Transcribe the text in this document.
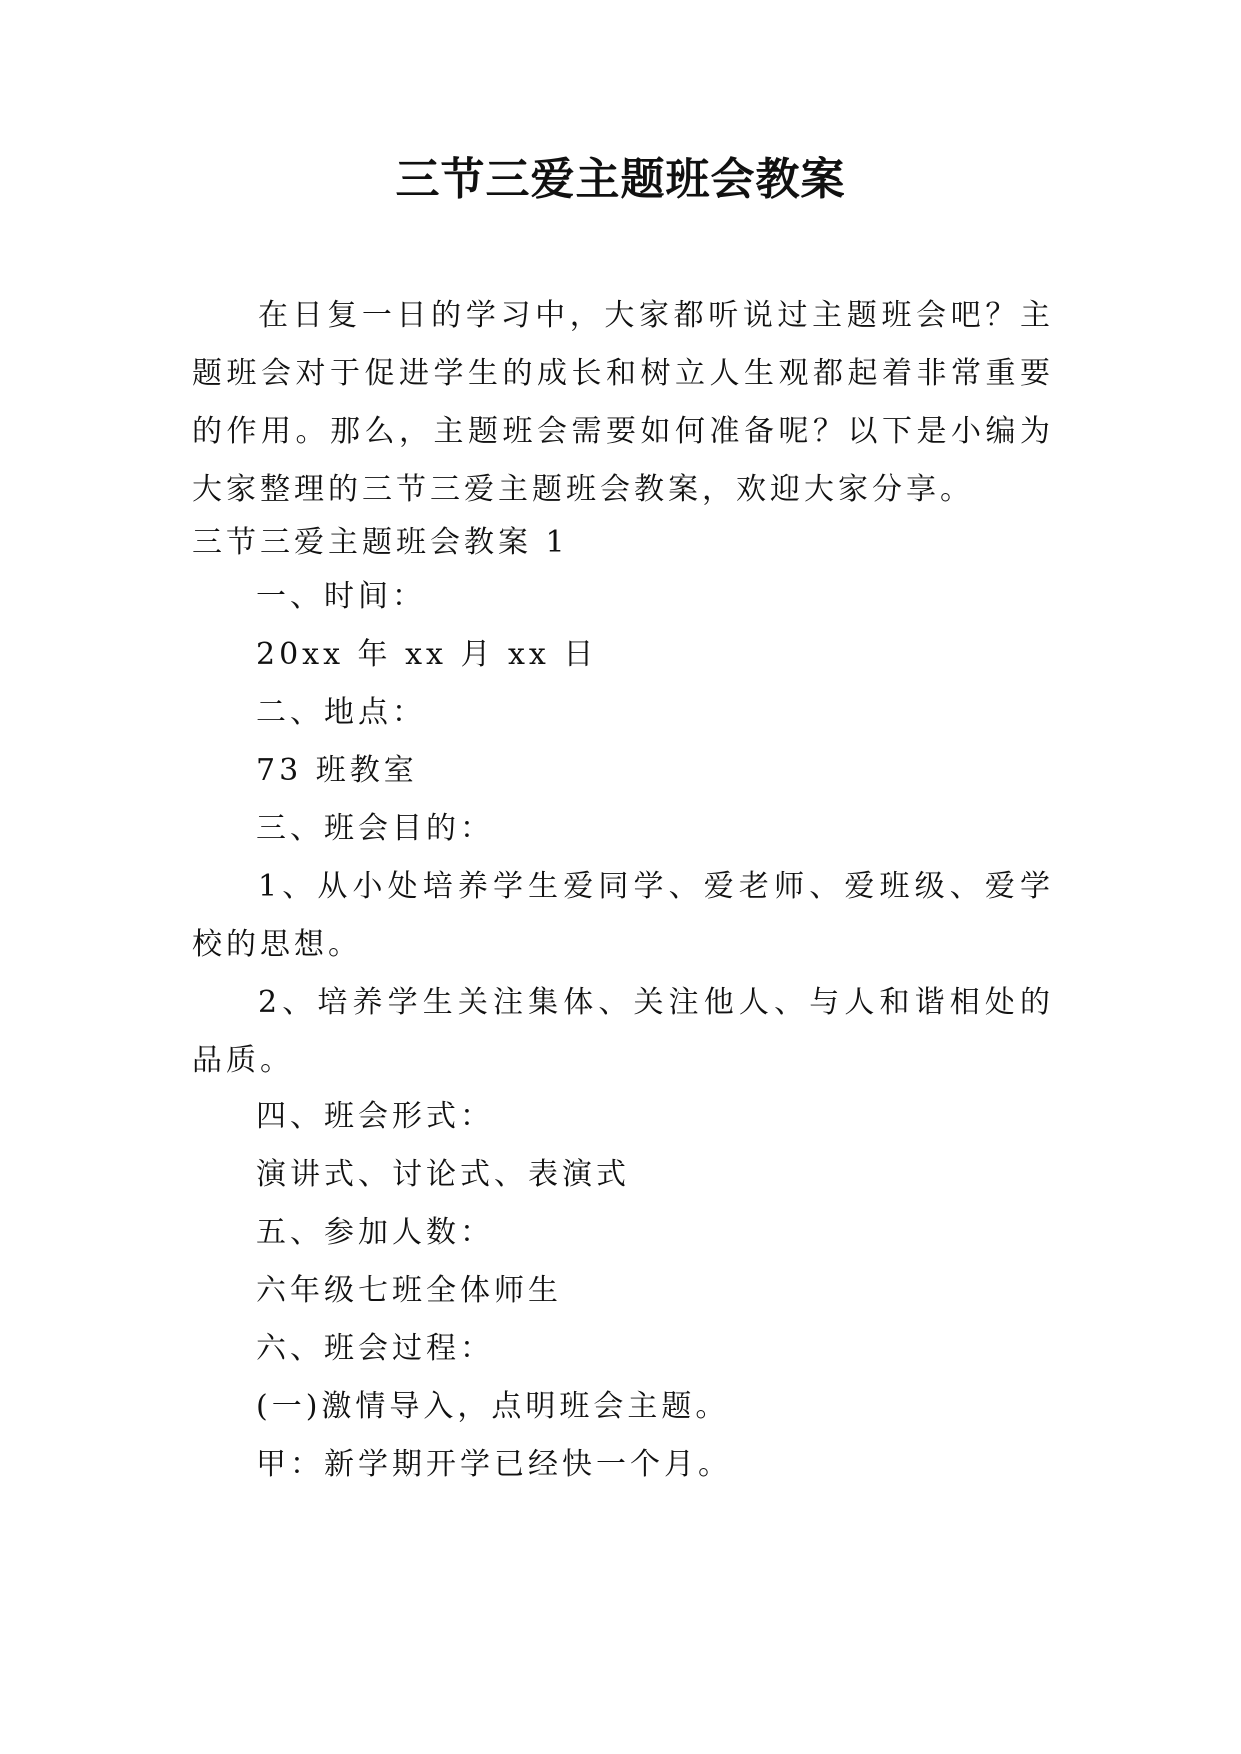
三节三爱主题班会教案

在日复一日的学习中，大家都听说过主题班会吧？主题班会对于促进学生的成长和树立人生观都起着非常重要的作用。那么，主题班会需要如何准备呢？以下是小编为大家整理的三节三爱主题班会教案，欢迎大家分享。

三节三爱主题班会教案 1
一、时间：
20xx 年 xx 月 xx 日
二、地点：
73 班教室
三、班会目的：

1、从小处培养学生爱同学、爱老师、爱班级、爱学校的思想。

2、培养学生关注集体、关注他人、与人和谐相处的品质。

四、班会形式：
演讲式、讨论式、表演式
五、参加人数：
六年级七班全体师生
六、班会过程：
(一)激情导入，点明班会主题。
甲：新学期开学已经快一个月。
